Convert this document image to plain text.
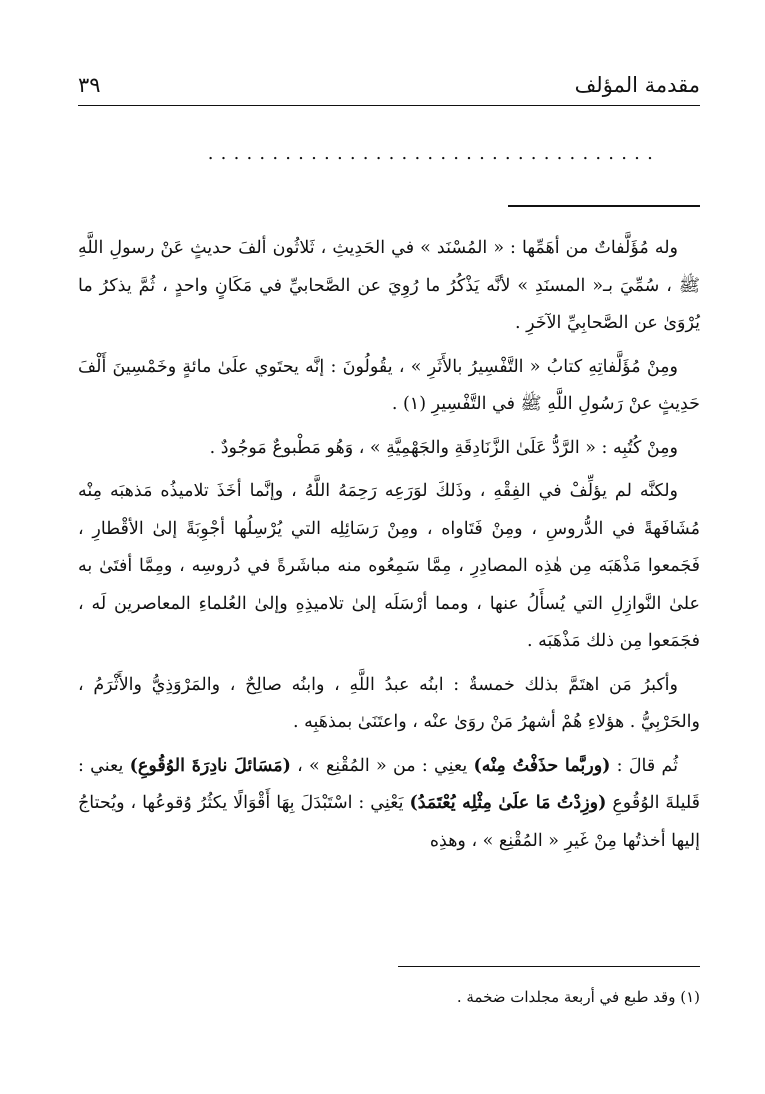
مقدمة المؤلف
٣٩
...................................

وله مُؤَلَّفاتٌ من أهَمِّها : « المُسْنَد » في الحَدِيثِ ، ثَلاثُون ألفَ حديثٍ عَنْ رسولِ اللَّهِ ﷺ ، سُمِّيَ بـ« المسنَدِ » لأنَّه يَذْكُرُ ما رُوِيَ عن الصَّحابيِّ في مَكَانٍ واحدٍ ، ثُمَّ يذكرُ ما يُرْوَىٰ عن الصَّحابِيِّ الآخَرِ .

ومِنْ مُؤَلَّفاتِهِ كتابُ « التَّفْسِيرُ بالأَثَرِ » ، يقُولُونَ : إنَّه يحتَوي علَىٰ مائةٍ وخَمْسِينَ أَلْفَ حَدِيثٍ عنْ رَسُولِ اللَّهِ ﷺ في التَّفْسِيرِ (١) .

ومِنْ كُتُبِه : « الرَّدُّ عَلَىٰ الزَّنَادِقَةِ والجَهْمِيَّةِ » ، وَهُو مَطْبوعٌ مَوجُودٌ .

ولكنَّه لم يؤلِّفْ في الفِقْهِ ، وذَلكَ لوَرَعِه رَحِمَهُ اللَّهُ ، وإنَّما أخَذَ تلاميذُه مَذهبَه مِنْه مُشَافَهةً في الدُّروسِ ، ومِنْ فَتَاواه ، ومِنْ رَسَائِلِه التي يُرْسِلُها أجْوِبَةً إلىٰ الأقْطارِ ، فَجَمعوا مَذْهَبَه مِن هٰذِه المصادِرِ ، مِمَّا سَمِعُوه منه مباشَرةً في دُروسِه ، ومِمَّا أفتَىٰ به علىٰ النَّوازِلِ التي يُسأَلُ عنها ، ومما أرْسَلَه إلىٰ تلاميذِهِ وإلىٰ العُلماءِ المعاصرين لَه ، فجَمَعوا مِن ذلك مَذْهَبَه .

وأكبرُ مَن اهتَمَّ بذلك خمسةٌ : ابنُه عبدُ اللَّهِ ، وابنُه صالِحٌ ، والمَرْوَذِيُّ والأَثْرَمُ ، والحَرْبِيُّ . هؤلاءِ هُمْ أشهرُ مَنْ روَىٰ عنْه ، واعتَنَىٰ بمذهَبِه .

ثُم قالَ : (وربَّما حذَفْتُ مِنْه) يعنِي : من « المُقْنِع » ، (مَسَائلَ نادِرَةَ الوُقُوعِ) يعني : قَليلةَ الوُقُوعِ (وزِدْتُ مَا علَىٰ مِثْلِه يُعْتَمَدُ) يَعْنِي : اسْتَبْدَلَ بِهَا أَقْوَالًا يكثُرُ وُقوعُها ، ويُحتاجُ إليها أخذتُها مِنْ غَيرِ « المُقْنِع » ، وهذِه

(١) وقد طبع في أربعة مجلدات ضخمة .
